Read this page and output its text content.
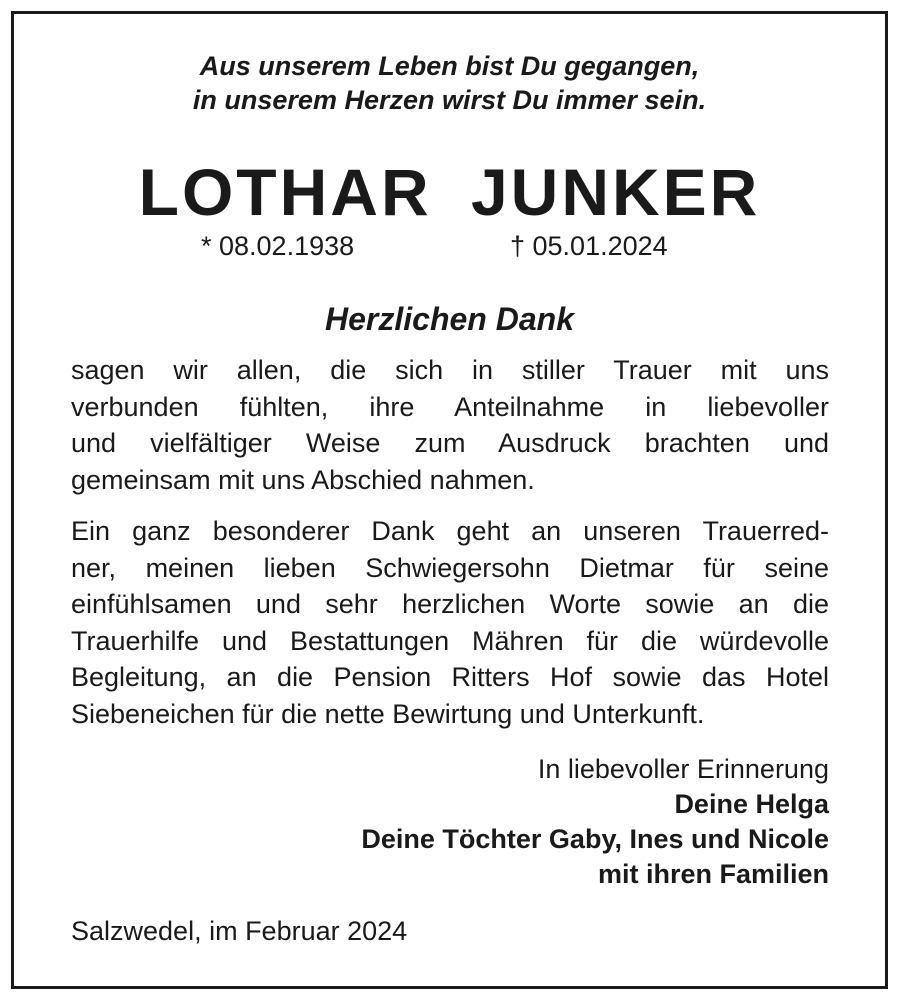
Aus unserem Leben bist Du gegangen,
in unserem Herzen wirst Du immer sein.
LOTHAR JUNKER
* 08.02.1938	† 05.01.2024
Herzlichen Dank
sagen wir allen, die sich in stiller Trauer mit uns
verbunden fühlten, ihre Anteilnahme in liebevoller
und vielfältiger Weise zum Ausdruck brachten und
gemeinsam mit uns Abschied nahmen.
Ein ganz besonderer Dank geht an unseren Trauerred-
ner, meinen lieben Schwiegersohn Dietmar für seine
einfühlsamen und sehr herzlichen Worte sowie an die
Trauerhilfe und Bestattungen Mähren für die würdevolle
Begleitung, an die Pension Ritters Hof sowie das Hotel
Siebeneichen für die nette Bewirtung und Unterkunft.
In liebevoller Erinnerung
Deine Helga
Deine Töchter Gaby, Ines und Nicole
mit ihren Familien
Salzwedel, im Februar 2024
